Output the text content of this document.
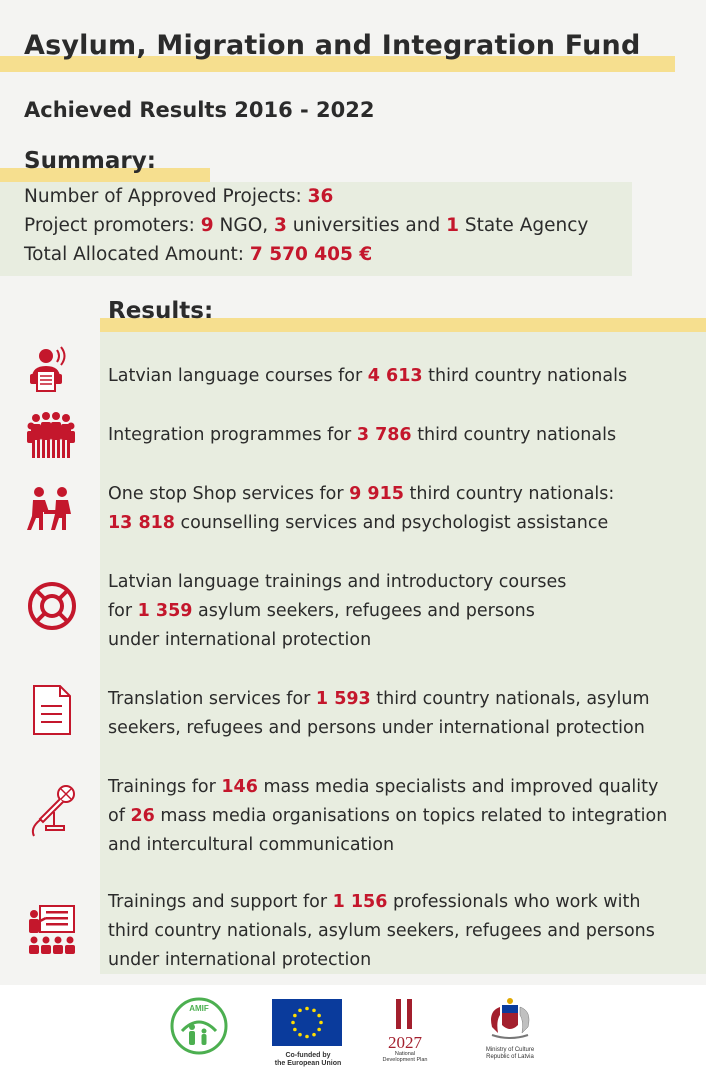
Asylum, Migration and Integration Fund
Achieved Results 2016 - 2022
Summary:
Number of Approved Projects: 36
Project promoters: 9 NGO, 3 universities and 1 State Agency
Total Allocated Amount: 7 570 405 €
Results:
Latvian language courses for 4 613 third country nationals
Integration programmes for 3 786 third country nationals
One stop Shop services for 9 915 third country nationals:
13 818 counselling services and psychologist assistance
Latvian language trainings and introductory courses
for 1 359 asylum seekers, refugees and persons
under international protection
Translation services for 1 593 third country nationals, asylum
seekers, refugees and persons under international protection
Trainings for 146 mass media specialists and improved quality
of 26 mass media organisations on topics related to integration
and intercultural communication
Trainings and support for 1 156 professionals who work with
third country nationals, asylum seekers, refugees and persons
under international protection
AMIF
Co-funded by
the European Union
2027
National
Development Plan
Ministry of Culture
Republic of Latvia
